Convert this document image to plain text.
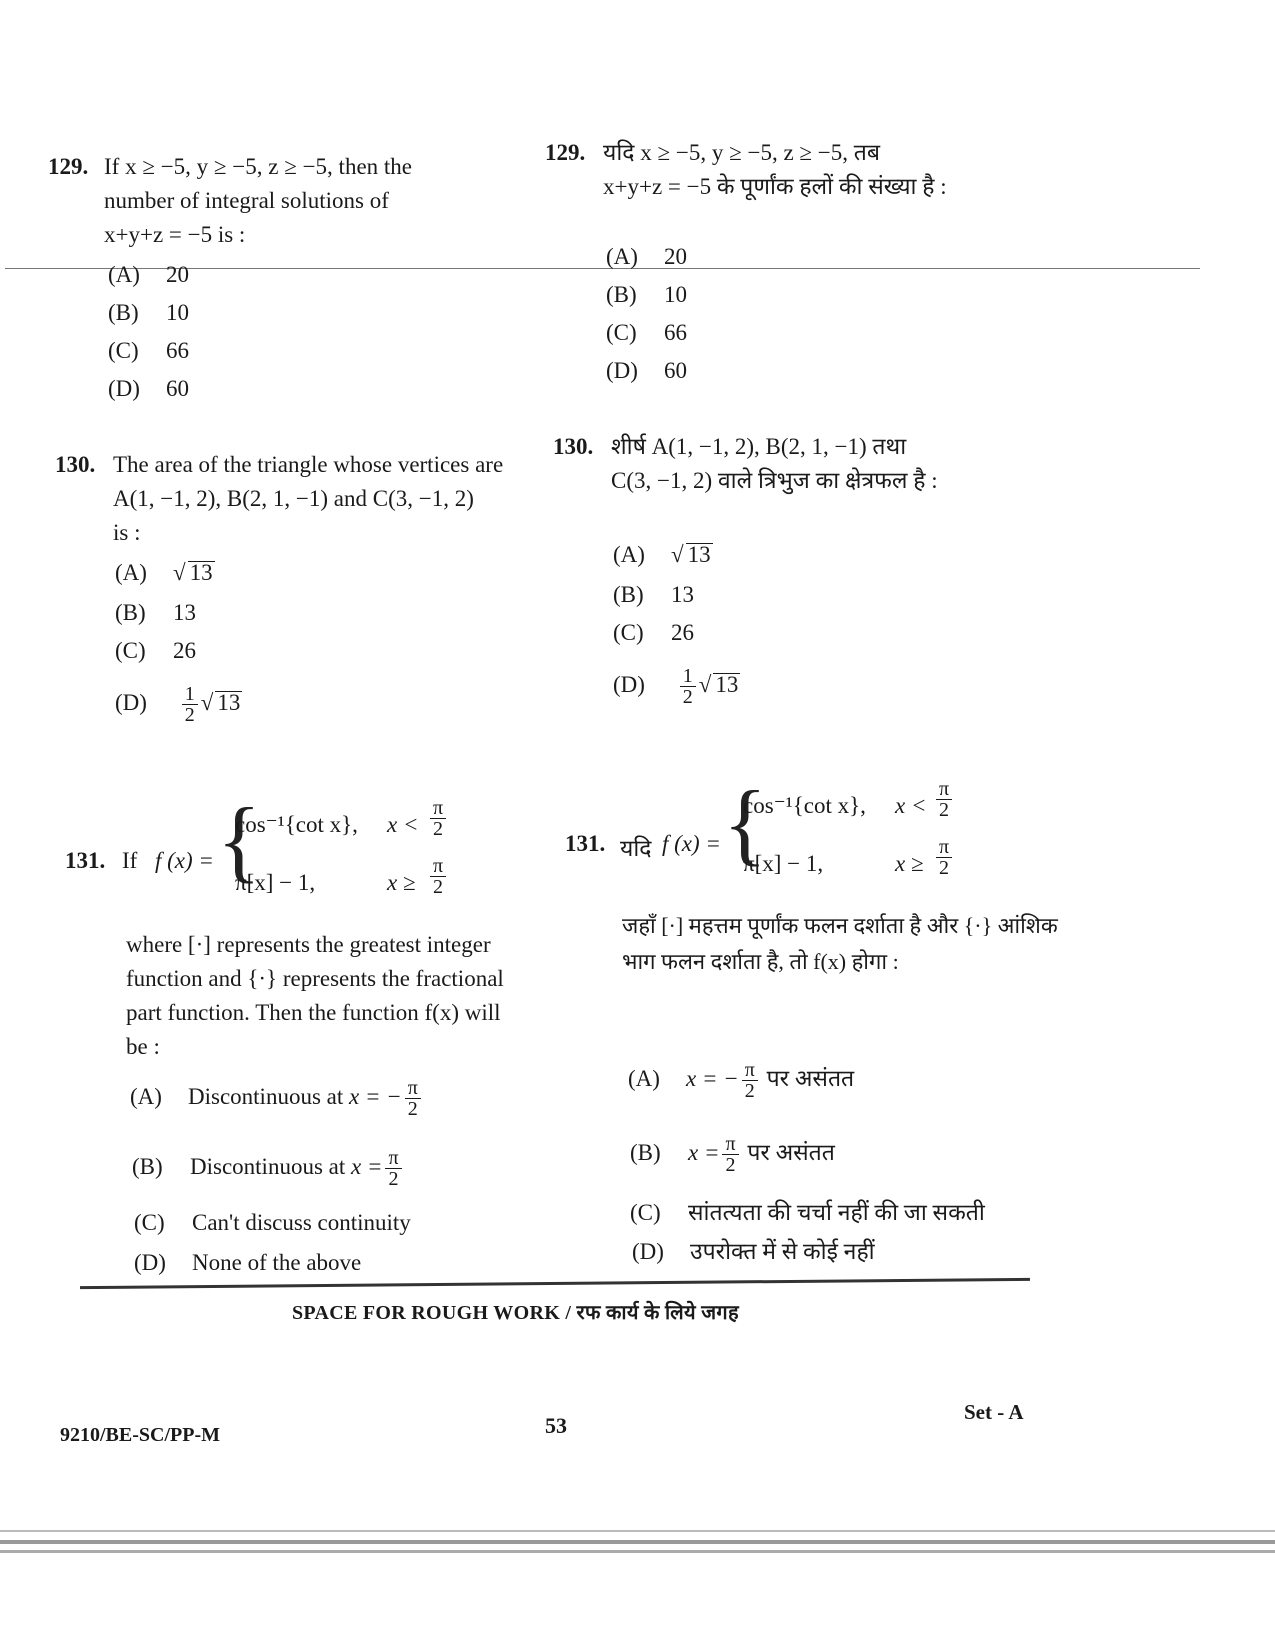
129. If x ≥ −5, y ≥ −5, z ≥ −5, then the
number of integral solutions of
x+y+z = −5 is :
(A) 20
(B) 10
(C) 66
(D) 60
129. यदि x ≥ −5, y ≥ −5, z ≥ −5, तब
x+y+z = −5 के पूर्णांक हलों की संख्या है :
(A) 20
(B) 10
(C) 66
(D) 60
130. The area of the triangle whose vertices are
A(1, −1, 2), B(2, 1, −1) and C(3, −1, 2)
is :
(A) √ 13
(B) 13
(C) 26
$(D) \frac{1}{2}$ √ 13
130. शीर्ष A(1, −1, 2), B(2, 1, −1) तथा
C(3, −1, 2) वाले त्रिभुज का क्षेत्रफल है :
(A) √ 13
(B) 13
(C) 26
$(D) \frac{1}{2}$ √ 13
131. If f (x) = {
cos⁻¹{cot x}, $x < \frac{\pi}{2}$
π[x] − 1,	$x \ge \frac{\pi}{2}$
where [·] represents the greatest integer
function and {·} represents the fractional
part function. Then the function f(x) will
be :
(A) Discontinuous at x = − $\frac{\pi}{2}$
(B) Discontinuous at $x = \frac{\pi}{2}$
(C) Can't discuss continuity
(D) None of the above
131. यदि f (x) = {
cos⁻¹{cot x}, $x < \frac{\pi}{2}$
π[x] − 1,	$x \ge \frac{\pi}{2}$
जहाँ [·] महत्तम पूर्णांक फलन दर्शाता है और {·} आंशिक
भाग फलन दर्शाता है, तो f(x) होगा :
(A) x = − $\frac{\pi}{2}$ पर असंतत
(B) $x = \frac{\pi}{2}$ पर असंतत
(C) सांतत्यता की चर्चा नहीं की जा सकती
(D) उपरोक्त में से कोई नहीं
SPACE FOR ROUGH WORK / रफ कार्य के लिये जगह
9210/BE-SC/PP-M	53
Set - A
